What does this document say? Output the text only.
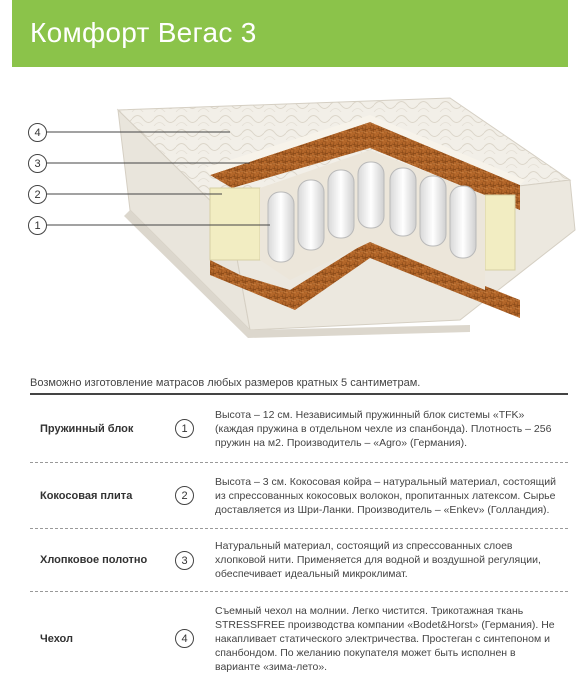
Комфорт Вегас 3
4
3
2
1
Возможно изготовление матрасов любых размеров кратных 5 сантиметрам.
Пружинный блок	1
Высота – 12 см. Независимый пружинный блок системы «TFK» (каждая пружина в отдельном чехле из спанбонда). Плотность – 256 пружин на м2. Производитель – «Agro» (Германия).
Кокосовая плита	2
Высота – 3 см. Кокосовая койра – натуральный материал, состоящий из спрессованных кокосовых волокон, пропитанных латексом. Сырье доставляется из Шри-Ланки. Производитель – «Enkev» (Голландия).
Хлопковое полотно	3
Натуральный материал, состоящий из спрессованных слоев хлопковой нити. Применяется для водной и воздушной регуляции, обеспечивает идеальный микроклимат.
Чехол	4
Съемный чехол на молнии. Легко чистится. Трикотажная ткань STRESSFREE производства компании «Bodet&Horst» (Германия). Не накапливает статического электричества. Простеган с синтепоном и спанбондом. По желанию покупателя может быть исполнен в варианте «зима-лето».
